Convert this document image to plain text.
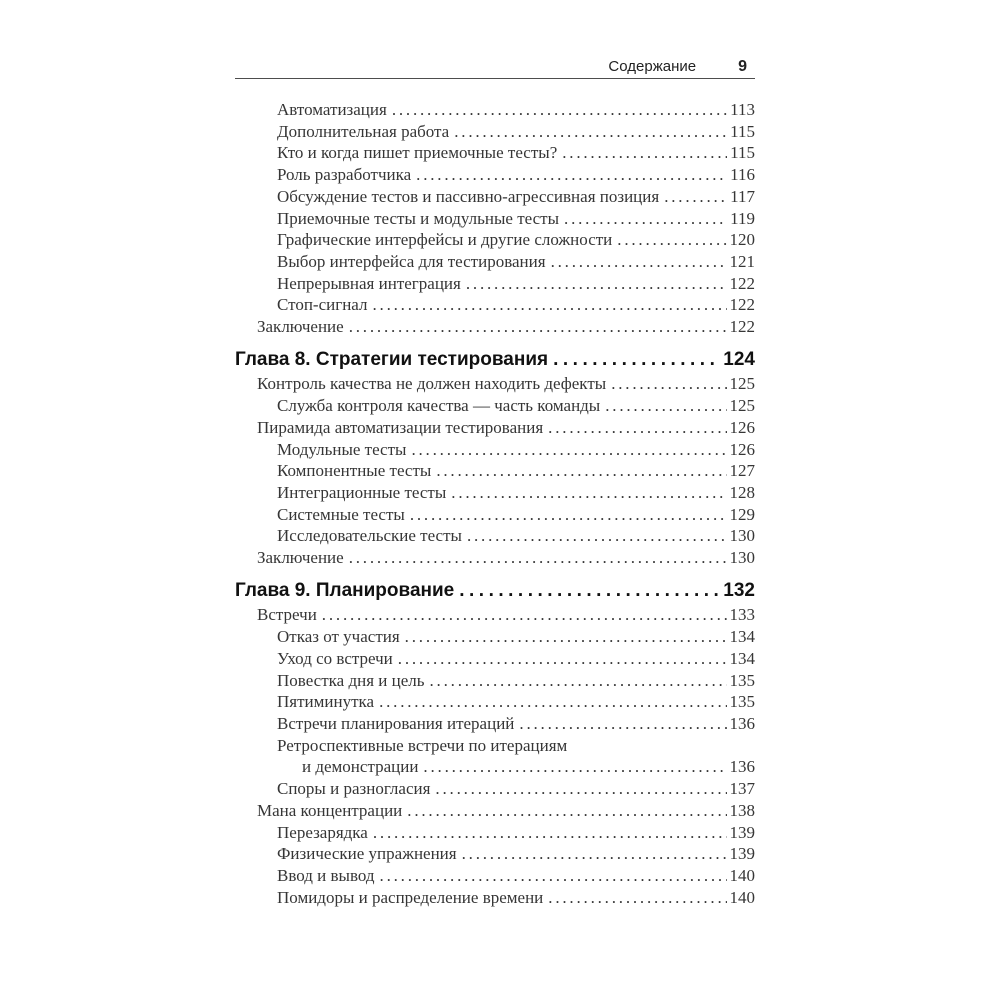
Содержание	9
Автоматизация .....	113
Дополнительная работа .....	115
Кто и когда пишет приемочные тесты? .....	115
Роль разработчика .....	116
Обсуждение тестов и пассивно-агрессивная позиция .....	117
Приемочные тесты и модульные тесты .....	119
Графические интерфейсы и другие сложности .....	120
Выбор интерфейса для тестирования .....	121
Непрерывная интеграция .....	122
Стоп-сигнал .....	122
Заключение .....	122
Глава 8. Стратегии тестирования .....	124
Контроль качества не должен находить дефекты .....	125
Служба контроля качества — часть команды .....	125
Пирамида автоматизации тестирования .....	126
Модульные тесты .....	126
Компонентные тесты .....	127
Интеграционные тесты .....	128
Системные тесты .....	129
Исследовательские тесты .....	130
Заключение .....	130
Глава 9. Планирование .....	132
Встречи .....	133
Отказ от участия .....	134
Уход со встречи .....	134
Повестка дня и цель .....	135
Пятиминутка .....	135
Встречи планирования итераций .....	136
Ретроспективные встречи по итерациям
и демонстрации .....	136
Споры и разногласия .....	137
Мана концентрации .....	138
Перезарядка .....	139
Физические упражнения .....	139
Ввод и вывод .....	140
Помидоры и распределение времени .....	140
